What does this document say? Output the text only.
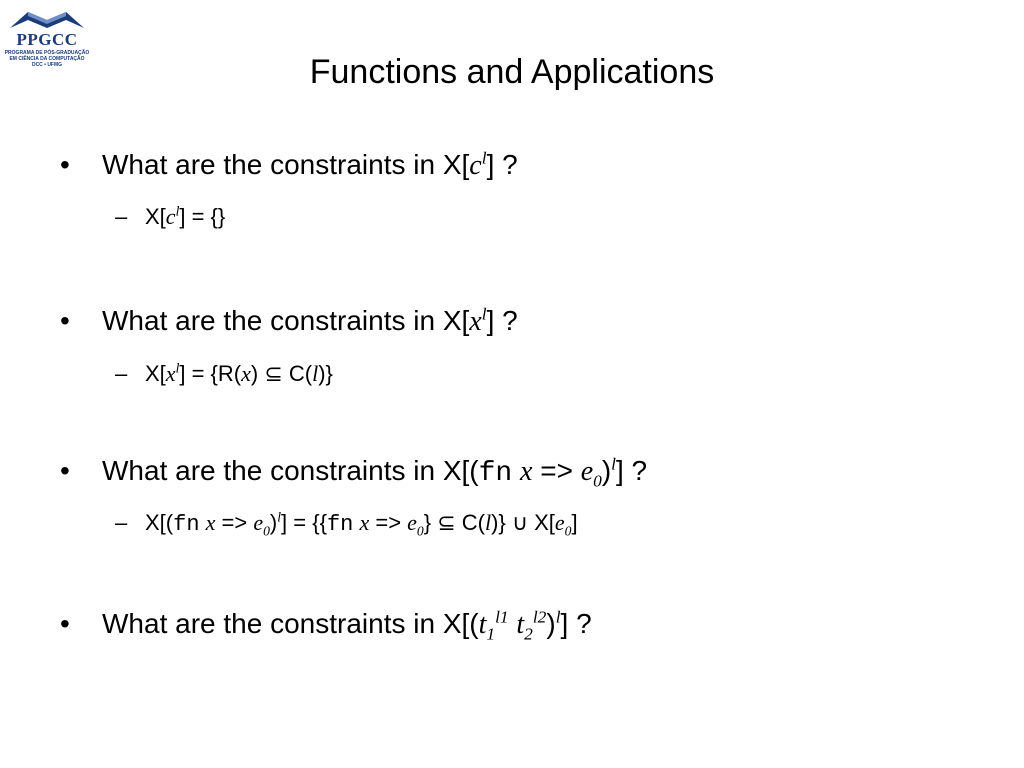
PPGCC
PROGRAMA DE PÓS-GRADUAÇÃO
EM CIÊNCIA DA COMPUTAÇÃO
DCC • UFMG	Functions and Applications
• What are the constraints in $X[c^l]$ ?
– $X[c^l]$ = {}
• What are the constraints in $X[x^l]$ ?
– $X[x^l] = \{R(x)$ ⊆ C(l)}
• What are the constraints in X[(fn $x => e_0)^l$] ?
– X[(fn $x => e_0)^l] = \{\{fn$ $x => e_0$} ⊆ C(l)} ∪ $X[e_0]$
• What are the constraints in $X[(t_1^{l1}$ $t_2^{l2})^l$] ?
